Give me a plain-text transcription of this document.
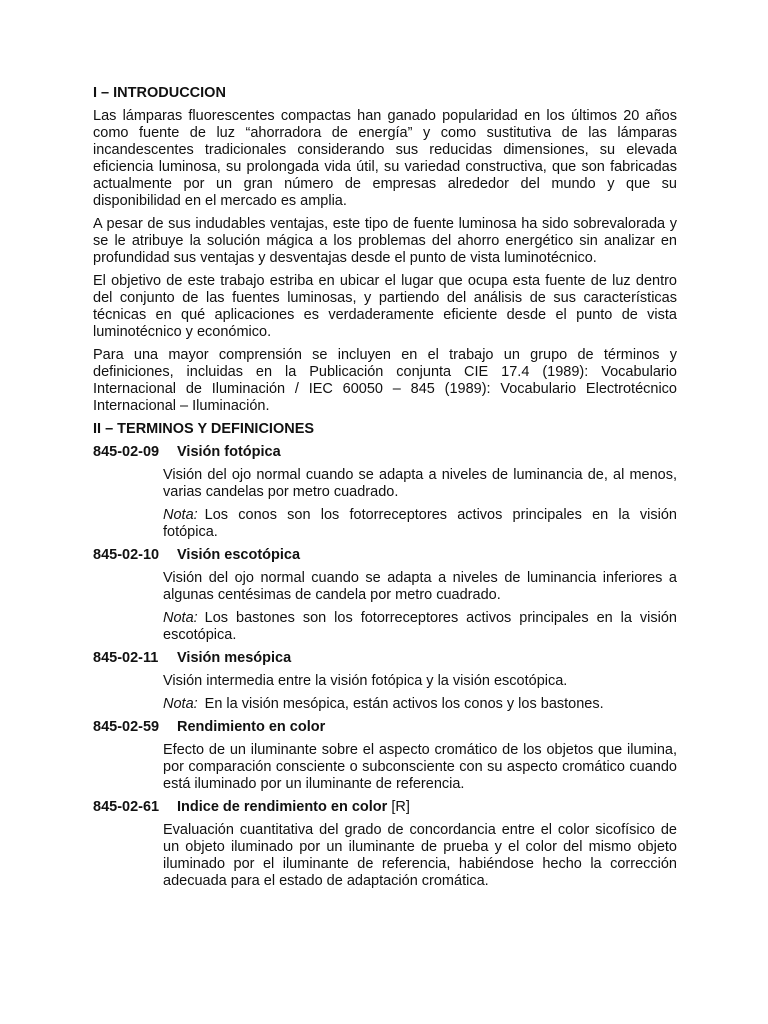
I – INTRODUCCION

Las lámparas fluorescentes compactas han ganado popularidad en los últimos 20 años como fuente de luz “ahorradora de energía” y como sustitutiva de las lámparas incandescentes tradicionales considerando sus reducidas dimensiones, su elevada eficiencia luminosa, su prolongada vida útil, su variedad constructiva, que son fabricadas actualmente por un gran número de empresas alrededor del mundo y que su disponibilidad en el mercado es amplia.

A pesar de sus indudables ventajas, este tipo de fuente luminosa ha sido sobrevalorada y se le atribuye la solución mágica a los problemas del ahorro energético sin analizar en profundidad sus ventajas y desventajas desde el punto de vista luminotécnico.

El objetivo de este trabajo estriba en ubicar el lugar que ocupa esta fuente de luz dentro del conjunto de las fuentes luminosas, y partiendo del análisis de sus características técnicas en qué aplicaciones es verdaderamente eficiente desde el punto de vista luminotécnico y económico.

Para una mayor comprensión se incluyen en el trabajo un grupo de términos y definiciones, incluidas en la Publicación conjunta CIE 17.4 (1989): Vocabulario Internacional de Iluminación / IEC 60050 – 845 (1989): Vocabulario Electrotécnico Internacional – Iluminación.

II – TERMINOS Y DEFINICIONES
845-02-09 Visión fotópica

Visión del ojo normal cuando se adapta a niveles de luminancia de, al menos, varias candelas por metro cuadrado.

Nota: Los conos son los fotorreceptores activos principales en la visión fotópica.

845-02-10 Visión escotópica

Visión del ojo normal cuando se adapta a niveles de luminancia inferiores a algunas centésimas de candela por metro cuadrado.

Nota: Los bastones son los fotorreceptores activos principales en la visión escotópica.

845-02-11 Visión mesópica

Visión intermedia entre la visión fotópica y la visión escotópica.

Nota: En la visión mesópica, están activos los conos y los bastones.

845-02-59 Rendimiento en color

Efecto de un iluminante sobre el aspecto cromático de los objetos que ilumina, por comparación consciente o subconsciente con su aspecto cromático cuando está iluminado por un iluminante de referencia.

845-02-61 Indice de rendimiento en color [R]

Evaluación cuantitativa del grado de concordancia entre el color sicofísico de un objeto iluminado por un iluminante de prueba y el color del mismo objeto iluminado por el iluminante de referencia, habiéndose hecho la corrección adecuada para el estado de adaptación cromática.
